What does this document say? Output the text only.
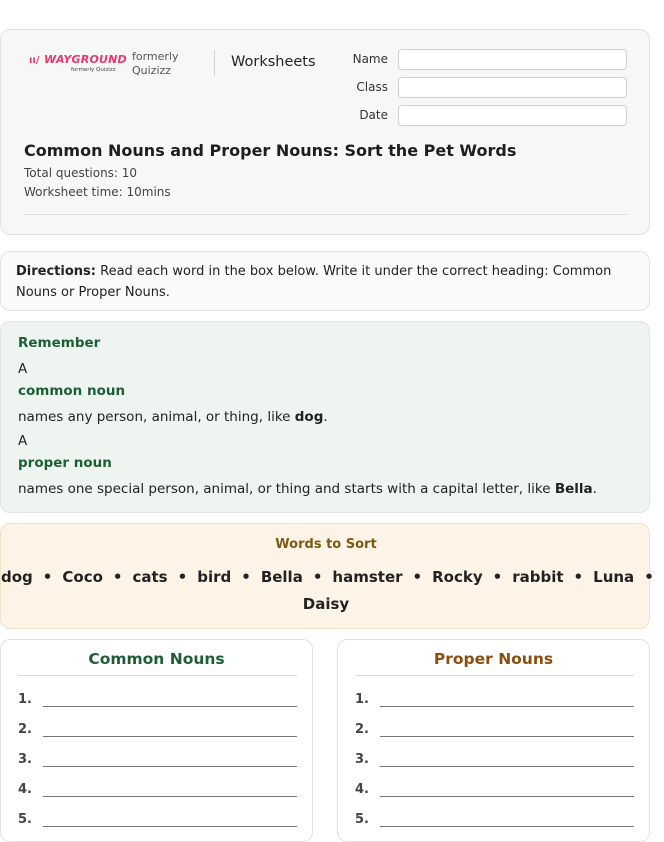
ıı/ WAYGROUND
formerly Quizizz
formerly
Quizizz
Worksheets	Name
Class
Date
Common Nouns and Proper Nouns: Sort the Pet Words
Total questions: 10
Worksheet time: 10mins
Directions: Read each word in the box below. Write it under the correct heading: Common Nouns or Proper Nouns.
Remember
A
common noun
names any person, animal, or thing, like dog.
A
proper noun
names one special person, animal, or thing and starts with a capital letter, like Bella.
Words to Sort
dog • Coco • cats • bird • Bella • hamster • Rocky • rabbit • Luna •
Daisy
Common Nouns
1.
2.
3.
4.
5.
Proper Nouns
1.
2.
3.
4.
5.
